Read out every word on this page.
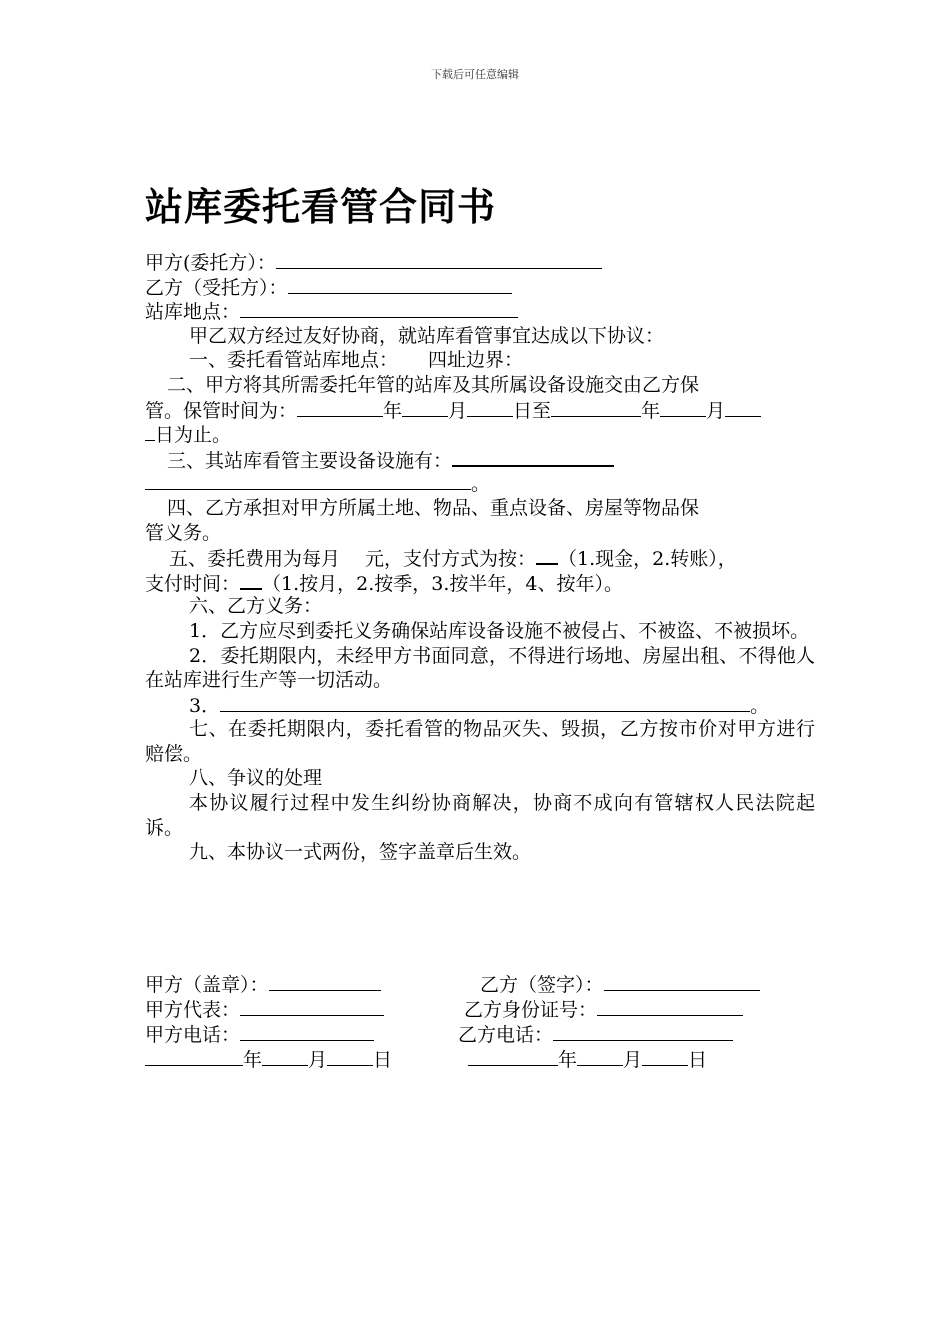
下载后可任意编辑
站库委托看管合同书
甲方(委托方）：
乙方（受托方）：
站库地点：
甲乙双方经过友好协商，就站库看管事宜达成以下协议：
一、委托看管站库地点： 四址边界：
二、甲方将其所需委托年管的站库及其所属设备设施交由乙方保
管。保管时间为：	年 月 日至	年 月
日为止。
三、其站库看管主要设备设施有：
。
四、乙方承担对甲方所属土地、物品、重点设备、房屋等物品保
管义务。
五、委托费用为每月　 元，支付方式为按： （1.现金，2.转账），
支付时间： （1.按月，2.按季，3.按半年，4、按年）。
六、乙方义务：
1．乙方应尽到委托义务确保站库设备设施不被侵占、不被盗、不被损坏。
2．委托期限内，未经甲方书面同意，不得进行场地、房屋出租、不得他人在站库进行生产等一切活动。
3．	。
七、在委托期限内，委托看管的物品灭失、毁损，乙方按市价对甲方进行赔偿。
八、争议的处理
本协议履行过程中发生纠纷协商解决，协商不成向有管辖权人民法院起诉。
九、本协议一式两份，签字盖章后生效。
甲方（盖章）：	乙方（签字）：
甲方代表：	乙方身份证号：
甲方电话：	乙方电话：
年 月 日	年 月 日
